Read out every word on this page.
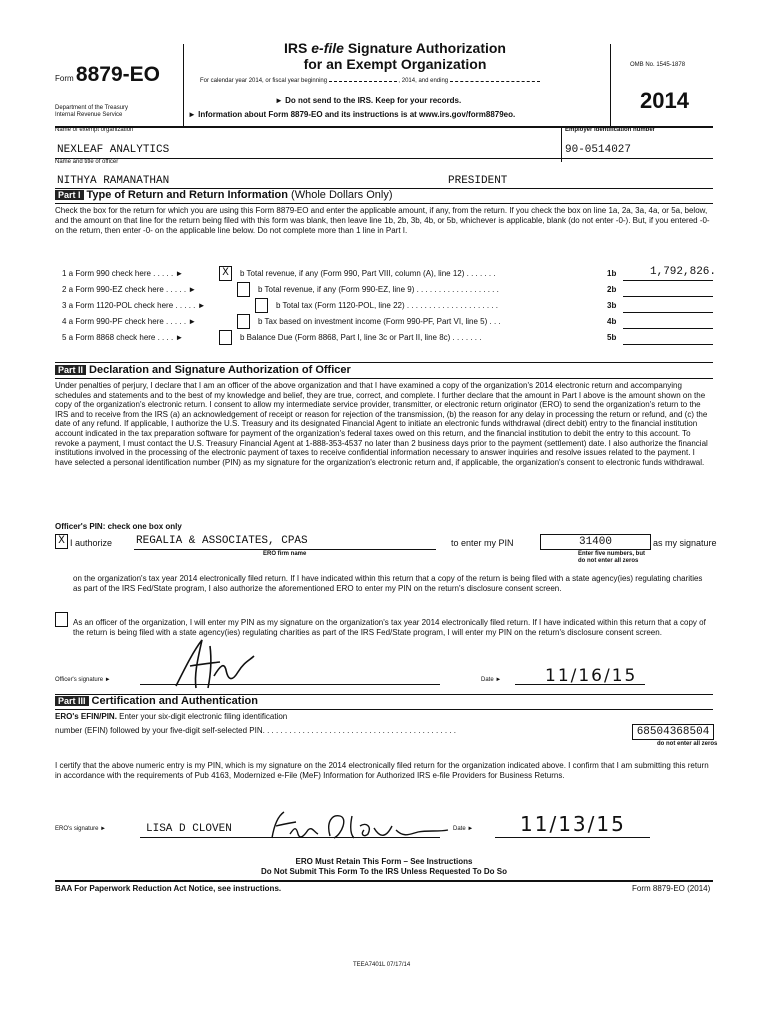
Form 8879-EO
Department of the Treasury
Internal Revenue Service
IRS e-file Signature Authorization
for an Exempt Organization
For calendar year 2014, or fiscal year beginning	, 2014, and ending
► Do not send to the IRS. Keep for your records.
► Information about Form 8879-EO and its instructions is at www.irs.gov/form8879eo.
OMB No. 1545-1878
2014
Name of exempt organization	Employer identification number
NEXLEAF ANALYTICS	90-0514027
Name and title of officer
NITHYA RAMANATHAN	PRESIDENT
Part I Type of Return and Return Information (Whole Dollars Only)
Check the box for the return for which you are using this Form 8879-EO and enter the applicable amount, if any, from the return. If you check the box on line 1a, 2a, 3a, 4a, or 5a, below, and the amount on that line for the return being filed with this form was blank, then leave line 1b, 2b, 3b, 4b, or 5b, whichever is applicable, blank (do not enter -0-). But, if you entered -0- on the return, then enter -0- on the applicable line below. Do not complete more than 1 line in Part I.
1 a Form 990 check here . . . . . ►	X	b Total revenue, if any (Form 990, Part VIII, column (A), line 12) . . . . . . .	1b	1,792,826.
2 a Form 990-EZ check here . . . . . ►	b Total revenue, if any (Form 990-EZ, line 9) . . . . . . . . . . . . . . . . . . .	2b
3 a Form 1120-POL check here . . . . . ►	b Total tax (Form 1120-POL, line 22) . . . . . . . . . . . . . . . . . . . . .	3b
4 a Form 990-PF check here . . . . . ►	b Tax based on investment income (Form 990-PF, Part VI, line 5) . . .	4b
5 a Form 8868 check here . . . . ►	b Balance Due (Form 8868, Part I, line 3c or Part II, line 8c) . . . . . . .	5b
Part II Declaration and Signature Authorization of Officer
Under penalties of perjury, I declare that I am an officer of the above organization and that I have examined a copy of the organization's 2014 electronic return and accompanying schedules and statements and to the best of my knowledge and belief, they are true, correct, and complete. I further declare that the amount in Part I above is the amount shown on the copy of the organization's electronic return. I consent to allow my intermediate service provider, transmitter, or electronic return originator (ERO) to send the organization's return to the IRS and to receive from the IRS (a) an acknowledgement of receipt or reason for rejection of the transmission, (b) the reason for any delay in processing the return or refund, and (c) the date of any refund. If applicable, I authorize the U.S. Treasury and its designated Financial Agent to initiate an electronic funds withdrawal (direct debit) entry to the financial institution account indicated in the tax preparation software for payment of the organization's federal taxes owed on this return, and the financial institution to debit the entry to this account. To revoke a payment, I must contact the U.S. Treasury Financial Agent at 1-888-353-4537 no later than 2 business days prior to the payment (settlement) date. I also authorize the financial institutions involved in the processing of the electronic payment of taxes to receive confidential information necessary to answer inquiries and resolve issues related to the payment. I have selected a personal identification number (PIN) as my signature for the organization's electronic return and, if applicable, the organization's consent to electronic funds withdrawal.
Officer's PIN: check one box only
X I authorize REGALIA & ASSOCIATES, CPAS
ERO firm name
to enter my PIN	31400	as my signature
Enter five numbers, but
do not enter all zeros
on the organization's tax year 2014 electronically filed return. If I have indicated within this return that a copy of the return is being filed with a state agency(ies) regulating charities as part of the IRS Fed/State program, I also authorize the aforementioned ERO to enter my PIN on the return's disclosure consent screen.
As an officer of the organization, I will enter my PIN as my signature on the organization's tax year 2014 electronically filed return. If I have indicated within this return that a copy of the return is being filed with a state agency(ies) regulating charities as part of the IRS Fed/State program, I will enter my PIN on the return's disclosure consent screen.
Officer's signature ►	Date ►	11/16/15
Part III Certification and Authentication
ERO's EFIN/PIN. Enter your six-digit electronic filing identification
number (EFIN) followed by your five-digit self-selected PIN. . . . . . . . . . . . . . . . . . . . . . . . . . . . . . . . . . . . . . . . . . . .	68504368504
do not enter all zeros
I certify that the above numeric entry is my PIN, which is my signature on the 2014 electronically filed return for the organization indicated above. I confirm that I am submitting this return in accordance with the requirements of Pub 4163, Modernized e-File (MeF) Information for Authorized IRS e-file Providers for Business Returns.
ERO's signature ►	LISA D CLOVEN	Date ► 11/13/15
ERO Must Retain This Form – See Instructions
Do Not Submit This Form To the IRS Unless Requested To Do So
BAA For Paperwork Reduction Act Notice, see instructions.	Form 8879-EO (2014)
TEEA7401L 07/17/14
